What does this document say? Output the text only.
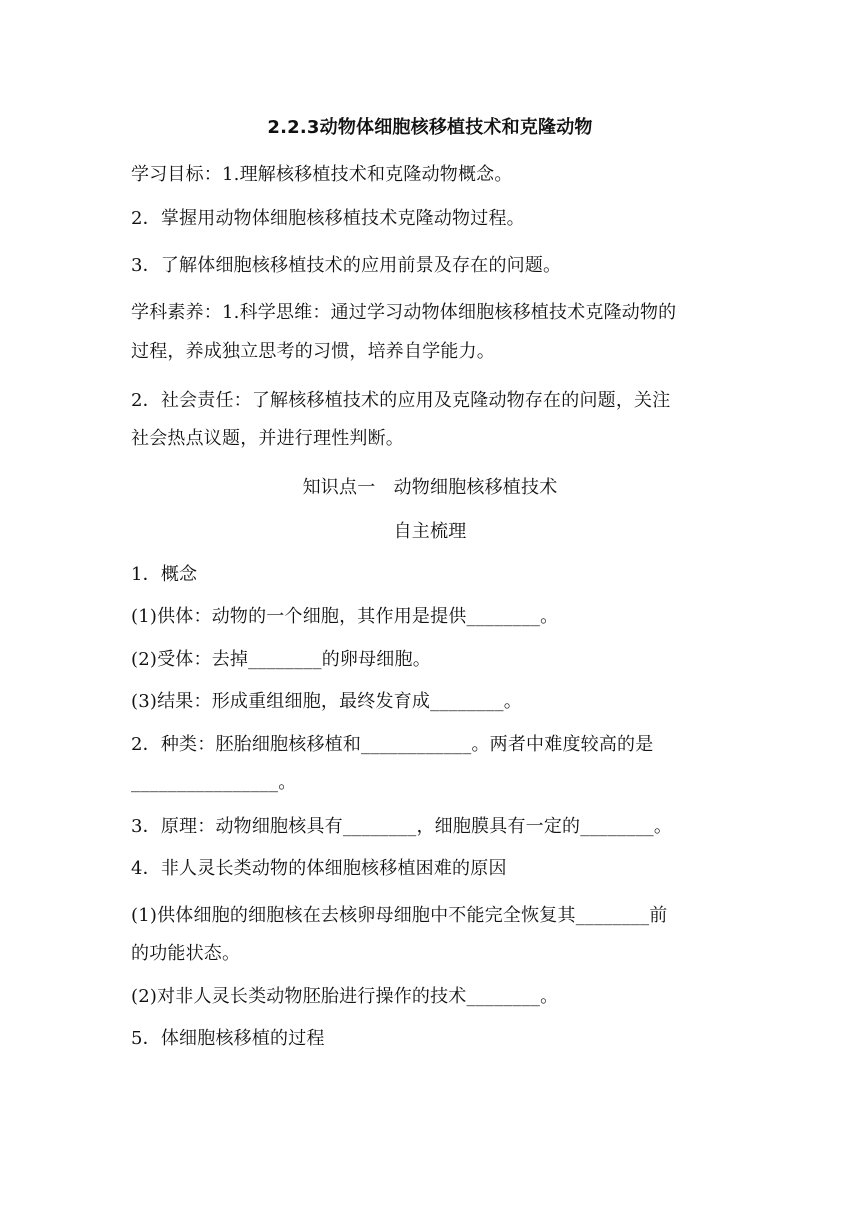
2.2.3动物体细胞核移植技术和克隆动物
学习目标：1.理解核移植技术和克隆动物概念。
2．掌握用动物体细胞核移植技术克隆动物过程。
3．了解体细胞核移植技术的应用前景及存在的问题。
学科素养：1.科学思维：通过学习动物体细胞核移植技术克隆动物的
过程，养成独立思考的习惯，培养自学能力。
2．社会责任：了解核移植技术的应用及克隆动物存在的问题，关注
社会热点议题，并进行理性判断。
知识点一　动物细胞核移植技术
自主梳理
1．概念
(1)供体：动物的一个细胞，其作用是提供________。
(2)受体：去掉________的卵母细胞。
(3)结果：形成重组细胞，最终发育成________。
2．种类：胚胎细胞核移植和____________。两者中难度较高的是
________________。
3．原理：动物细胞核具有________，细胞膜具有一定的________。
4．非人灵长类动物的体细胞核移植困难的原因
(1)供体细胞的细胞核在去核卵母细胞中不能完全恢复其________前
的功能状态。
(2)对非人灵长类动物胚胎进行操作的技术________。
5．体细胞核移植的过程
